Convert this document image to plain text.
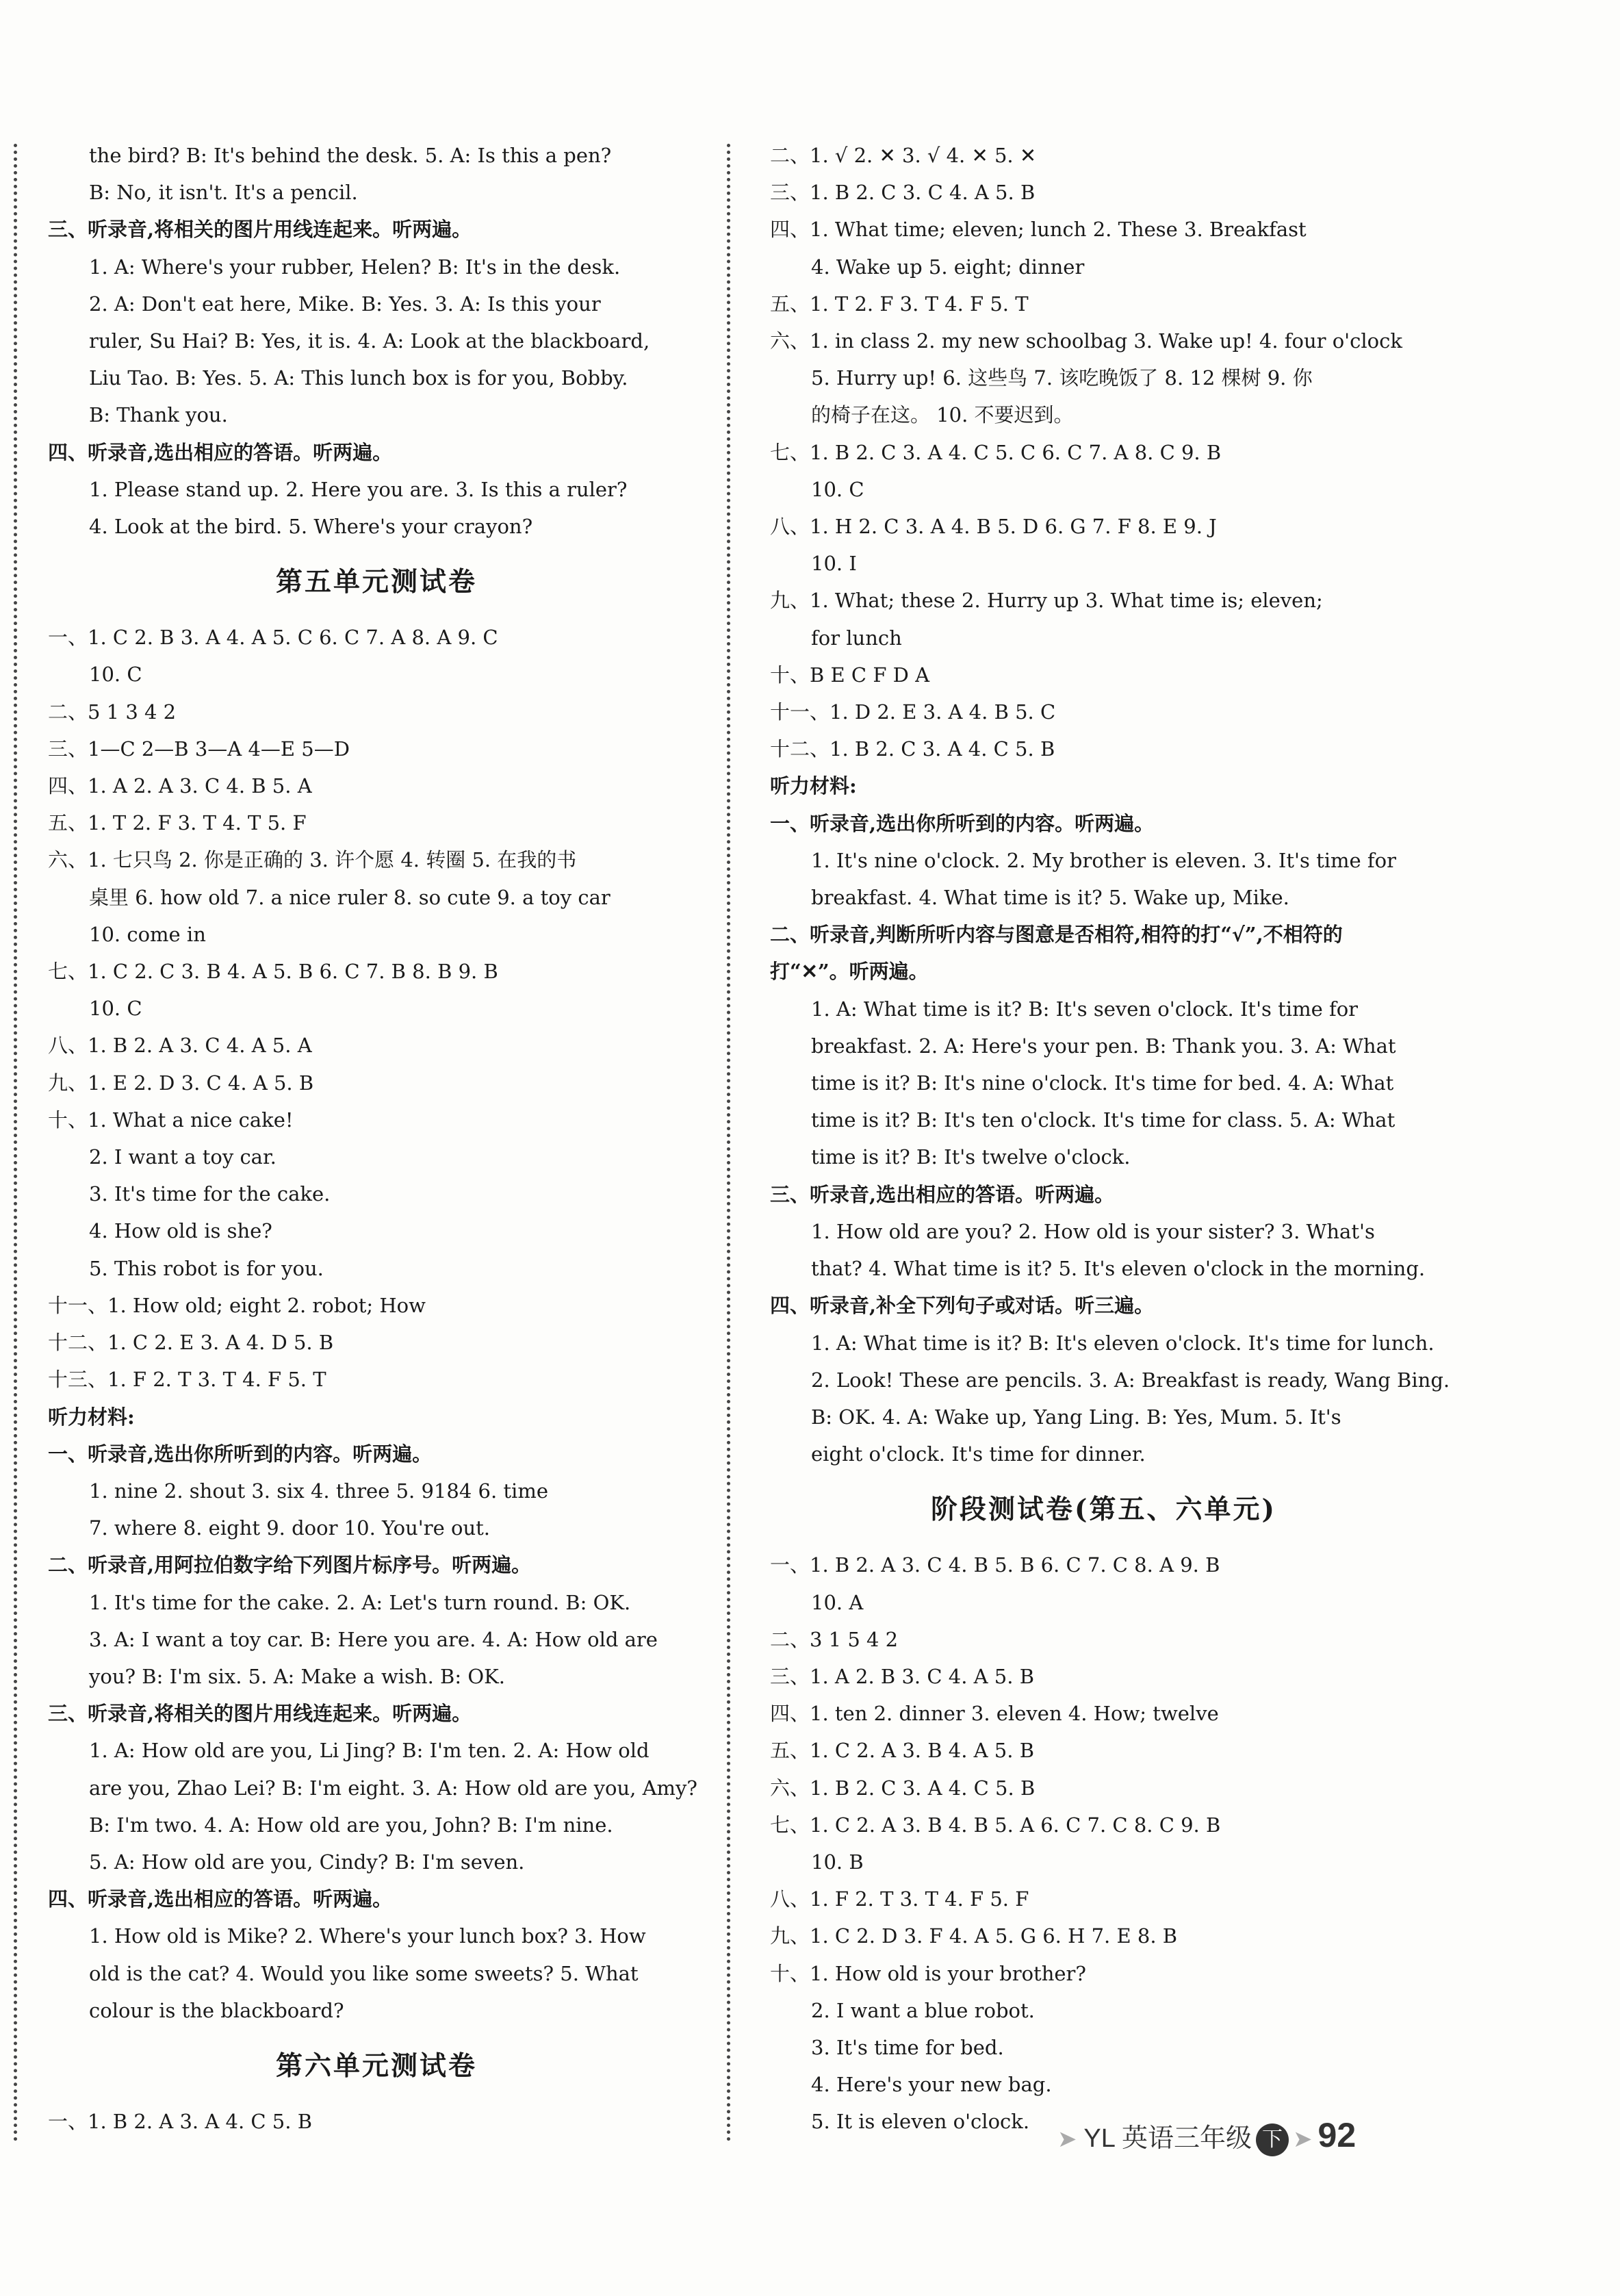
the bird? B: It's behind the desk. 5. A: Is this a pen?
B: No, it isn't. It's a pencil.
三、听录音,将相关的图片用线连起来。听两遍。
1. A: Where's your rubber, Helen? B: It's in the desk.
2. A: Don't eat here, Mike. B: Yes. 3. A: Is this your
ruler, Su Hai? B: Yes, it is. 4. A: Look at the blackboard,
Liu Tao. B: Yes. 5. A: This lunch box is for you, Bobby.
B: Thank you.
四、听录音,选出相应的答语。听两遍。
1. Please stand up. 2. Here you are. 3. Is this a ruler?
4. Look at the bird. 5. Where's your crayon?
第五单元测试卷
一、1. C 2. B 3. A 4. A 5. C 6. C 7. A 8. A 9. C
10. C
二、5 1 3 4 2
三、1—C 2—B 3—A 4—E 5—D
四、1. A 2. A 3. C 4. B 5. A
五、1. T 2. F 3. T 4. T 5. F
六、1. 七只鸟 2. 你是正确的 3. 许个愿 4. 转圈 5. 在我的书
桌里 6. how old 7. a nice ruler 8. so cute 9. a toy car
10. come in
七、1. C 2. C 3. B 4. A 5. B 6. C 7. B 8. B 9. B
10. C
八、1. B 2. A 3. C 4. A 5. A
九、1. E 2. D 3. C 4. A 5. B
十、1. What a nice cake!
2. I want a toy car.
3. It's time for the cake.
4. How old is she?
5. This robot is for you.
十一、1. How old; eight 2. robot; How
十二、1. C 2. E 3. A 4. D 5. B
十三、1. F 2. T 3. T 4. F 5. T
听力材料:
一、听录音,选出你所听到的内容。听两遍。
1. nine 2. shout 3. six 4. three 5. 9184 6. time
7. where 8. eight 9. door 10. You're out.
二、听录音,用阿拉伯数字给下列图片标序号。听两遍。
1. It's time for the cake. 2. A: Let's turn round. B: OK.
3. A: I want a toy car. B: Here you are. 4. A: How old are
you? B: I'm six. 5. A: Make a wish. B: OK.
三、听录音,将相关的图片用线连起来。听两遍。
1. A: How old are you, Li Jing? B: I'm ten. 2. A: How old
are you, Zhao Lei? B: I'm eight. 3. A: How old are you, Amy?
B: I'm two. 4. A: How old are you, John? B: I'm nine.
5. A: How old are you, Cindy? B: I'm seven.
四、听录音,选出相应的答语。听两遍。
1. How old is Mike? 2. Where's your lunch box? 3. How
old is the cat? 4. Would you like some sweets? 5. What
colour is the blackboard?
第六单元测试卷
一、1. B 2. A 3. A 4. C 5. B
二、1. √ 2. ✕ 3. √ 4. ✕ 5. ✕
三、1. B 2. C 3. C 4. A 5. B
四、1. What time; eleven; lunch 2. These 3. Breakfast
4. Wake up 5. eight; dinner
五、1. T 2. F 3. T 4. F 5. T
六、1. in class 2. my new schoolbag 3. Wake up! 4. four o'clock
5. Hurry up! 6. 这些鸟 7. 该吃晚饭了 8. 12 棵树 9. 你
的椅子在这。 10. 不要迟到。
七、1. B 2. C 3. A 4. C 5. C 6. C 7. A 8. C 9. B
10. C
八、1. H 2. C 3. A 4. B 5. D 6. G 7. F 8. E 9. J
10. I
九、1. What; these 2. Hurry up 3. What time is; eleven;
for lunch
十、B E C F D A
十一、1. D 2. E 3. A 4. B 5. C
十二、1. B 2. C 3. A 4. C 5. B
听力材料:
一、听录音,选出你所听到的内容。听两遍。
1. It's nine o'clock. 2. My brother is eleven. 3. It's time for
breakfast. 4. What time is it? 5. Wake up, Mike.
二、听录音,判断所听内容与图意是否相符,相符的打“√”,不相符的
打“✕”。听两遍。
1. A: What time is it? B: It's seven o'clock. It's time for
breakfast. 2. A: Here's your pen. B: Thank you. 3. A: What
time is it? B: It's nine o'clock. It's time for bed. 4. A: What
time is it? B: It's ten o'clock. It's time for class. 5. A: What
time is it? B: It's twelve o'clock.
三、听录音,选出相应的答语。听两遍。
1. How old are you? 2. How old is your sister? 3. What's
that? 4. What time is it? 5. It's eleven o'clock in the morning.
四、听录音,补全下列句子或对话。听三遍。
1. A: What time is it? B: It's eleven o'clock. It's time for lunch.
2. Look! These are pencils. 3. A: Breakfast is ready, Wang Bing.
B: OK. 4. A: Wake up, Yang Ling. B: Yes, Mum. 5. It's
eight o'clock. It's time for dinner.
阶段测试卷(第五、六单元)
一、1. B 2. A 3. C 4. B 5. B 6. C 7. C 8. A 9. B
10. A
二、3 1 5 4 2
三、1. A 2. B 3. C 4. A 5. B
四、1. ten 2. dinner 3. eleven 4. How; twelve
五、1. C 2. A 3. B 4. A 5. B
六、1. B 2. C 3. A 4. C 5. B
七、1. C 2. A 3. B 4. B 5. A 6. C 7. C 8. C 9. B
10. B
八、1. F 2. T 3. T 4. F 5. F
九、1. C 2. D 3. F 4. A 5. G 6. H 7. E 8. B
十、1. How old is your brother?
2. I want a blue robot.
3. It's time for bed.
4. Here's your new bag.
5. It is eleven o'clock.
➤ YL 英语三年级 下 ➤ 92
